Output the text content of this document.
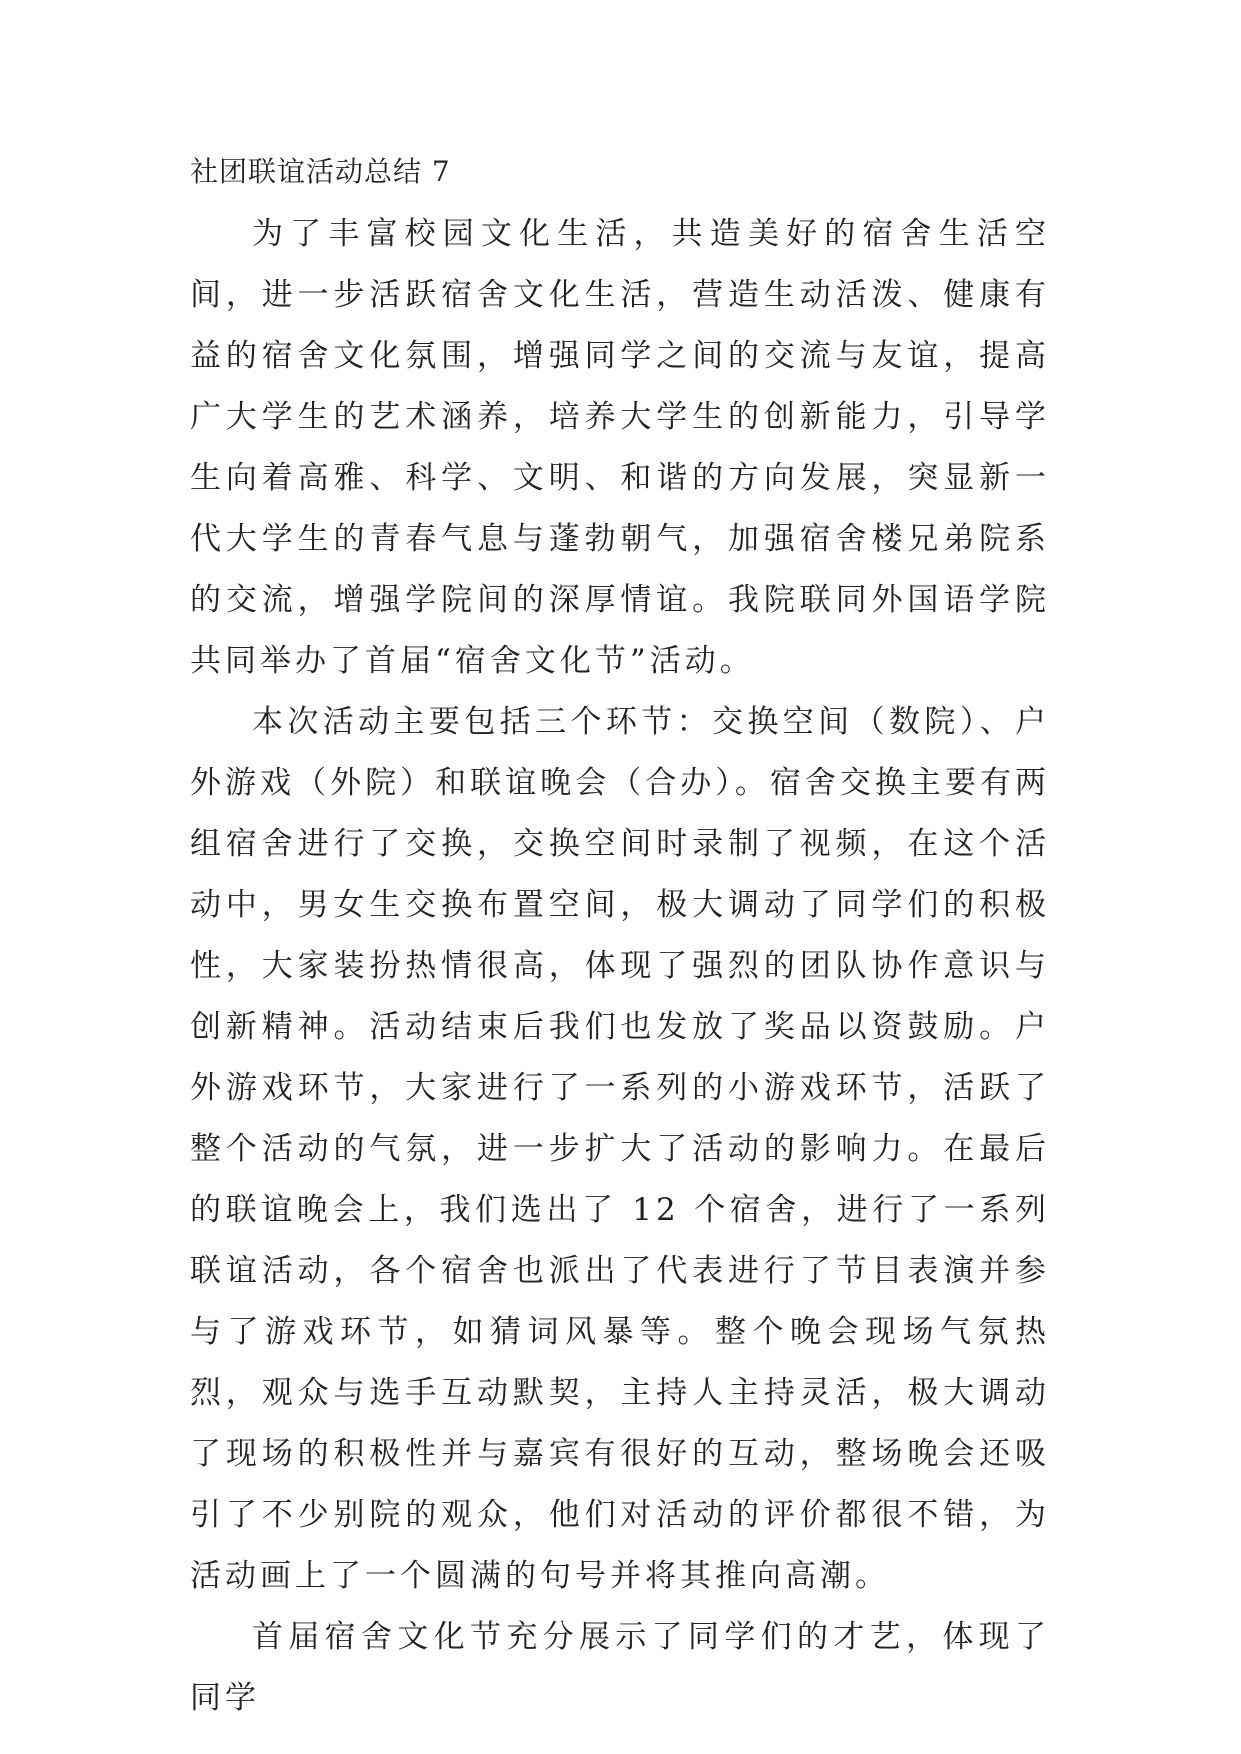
社团联谊活动总结 7

为了丰富校园文化生活，共造美好的宿舍生活空间，进一步活跃宿舍文化生活，营造生动活泼、健康有益的宿舍文化氛围，增强同学之间的交流与友谊，提高广大学生的艺术涵养，培养大学生的创新能力，引导学生向着高雅、科学、文明、和谐的方向发展，突显新一代大学生的青春气息与蓬勃朝气，加强宿舍楼兄弟院系的交流，增强学院间的深厚情谊。我院联同外国语学院共同举办了首届“宿舍文化节”活动。

本次活动主要包括三个环节：交换空间（数院）、户外游戏（外院）和联谊晚会（合办）。宿舍交换主要有两组宿舍进行了交换，交换空间时录制了视频，在这个活动中，男女生交换布置空间，极大调动了同学们的积极性，大家装扮热情很高，体现了强烈的团队协作意识与创新精神。活动结束后我们也发放了奖品以资鼓励。户外游戏环节，大家进行了一系列的小游戏环节，活跃了整个活动的气氛，进一步扩大了活动的影响力。在最后的联谊晚会上，我们选出了 12 个宿舍，进行了一系列联谊活动，各个宿舍也派出了代表进行了节目表演并参与了游戏环节，如猜词风暴等。整个晚会现场气氛热烈，观众与选手互动默契，主持人主持灵活，极大调动了现场的积极性并与嘉宾有很好的互动，整场晚会还吸引了不少别院的观众，他们对活动的评价都很不错，为活动画上了一个圆满的句号并将其推向高潮。

首届宿舍文化节充分展示了同学们的才艺，体现了同学
